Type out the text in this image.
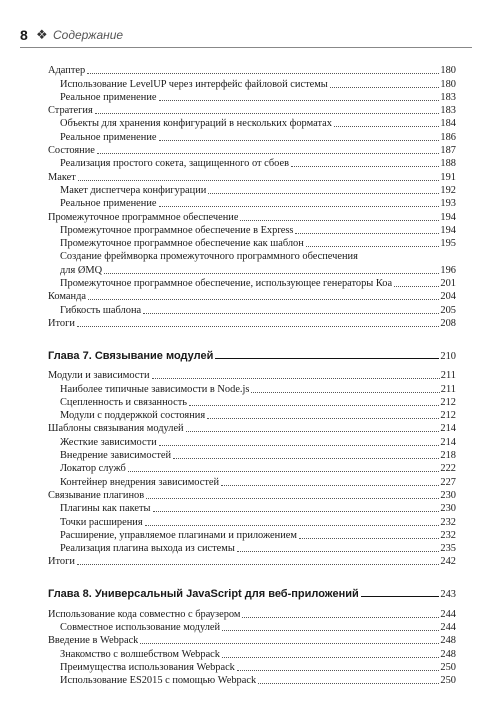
8 ❖ Содержание
Адаптер	180
Использование LevelUP через интерфейс файловой системы	180
Реальное применение	183
Стратегия	183
Объекты для хранения конфигураций в нескольких форматах	184
Реальное применение	186
Состояние	187
Реализация простого сокета, защищенного от сбоев	188
Макет	191
Макет диспетчера конфигурации	192
Реальное применение	193
Промежуточное программное обеспечение	194
Промежуточное программное обеспечение в Express	194
Промежуточное программное обеспечение как шаблон	195
Создание фреймворка промежуточного программного обеспечения
для ØMQ	196
Промежуточное программное обеспечение, использующее генераторы Коа	201
Команда	204
Гибкость шаблона	205
Итоги	208
Глава 7. Связывание модулей	210
Модули и зависимости	211
Наиболее типичные зависимости в Node.js	211
Сцепленность и связанность	212
Модули с поддержкой состояния	212
Шаблоны связывания модулей	214
Жесткие зависимости	214
Внедрение зависимостей	218
Локатор служб	222
Контейнер внедрения зависимостей	227
Связывание плагинов	230
Плагины как пакеты	230
Точки расширения	232
Расширение, управляемое плагинами и приложением	232
Реализация плагина выхода из системы	235
Итоги	242
Глава 8. Универсальный JavaScript для веб-приложений	243
Использование кода совместно с браузером	244
Совместное использование модулей	244
Введение в Webpack	248
Знакомство с волшебством Webpack	248
Преимущества использования Webpack	250
Использование ES2015 с помощью Webpack	250
